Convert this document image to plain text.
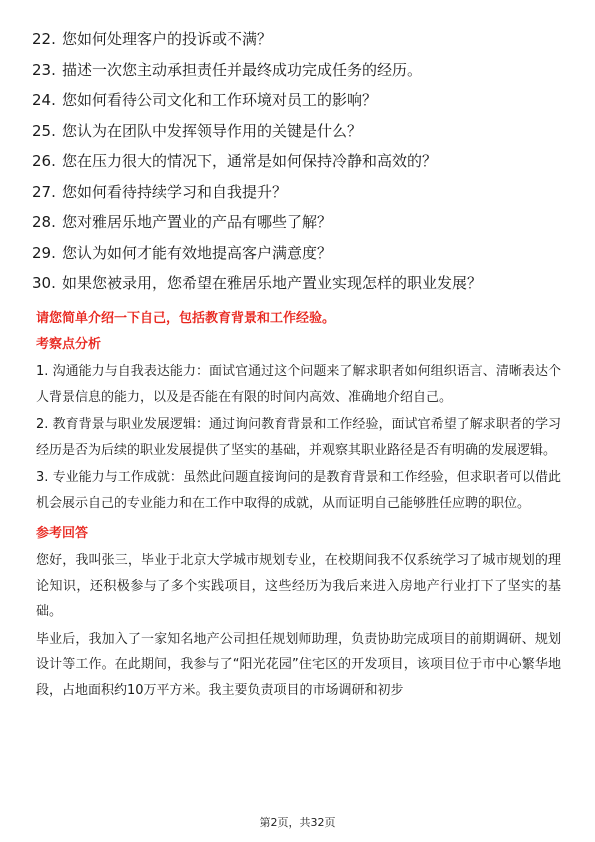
22. 您如何处理客户的投诉或不满？
23. 描述一次您主动承担责任并最终成功完成任务的经历。
24. 您如何看待公司文化和工作环境对员工的影响？
25. 您认为在团队中发挥领导作用的关键是什么？
26. 您在压力很大的情况下，通常是如何保持冷静和高效的？
27. 您如何看待持续学习和自我提升？
28. 您对雅居乐地产置业的产品有哪些了解？
29. 您认为如何才能有效地提高客户满意度？
30. 如果您被录用，您希望在雅居乐地产置业实现怎样的职业发展？

请您简单介绍一下自己，包括教育背景和工作经验。

考察点分析

1. 沟通能力与自我表达能力：面试官通过这个问题来了解求职者如何组织语言、清晰表达个人背景信息的能力，以及是否能在有限的时间内高效、准确地介绍自己。

2. 教育背景与职业发展逻辑：通过询问教育背景和工作经验，面试官希望了解求职者的学习经历是否为后续的职业发展提供了坚实的基础，并观察其职业路径是否有明确的发展逻辑。

3. 专业能力与工作成就：虽然此问题直接询问的是教育背景和工作经验，但求职者可以借此机会展示自己的专业能力和在工作中取得的成就，从而证明自己能够胜任应聘的职位。

参考回答

您好，我叫张三，毕业于北京大学城市规划专业，在校期间我不仅系统学习了城市规划的理论知识，还积极参与了多个实践项目，这些经历为我后来进入房地产行业打下了坚实的基础。

毕业后，我加入了一家知名地产公司担任规划师助理，负责协助完成项目的前期调研、规划设计等工作。在此期间，我参与了“阳光花园”住宅区的开发项目，该项目位于市中心繁华地段，占地面积约10万平方米。我主要负责项目的市场调研和初步

第2页，共32页
